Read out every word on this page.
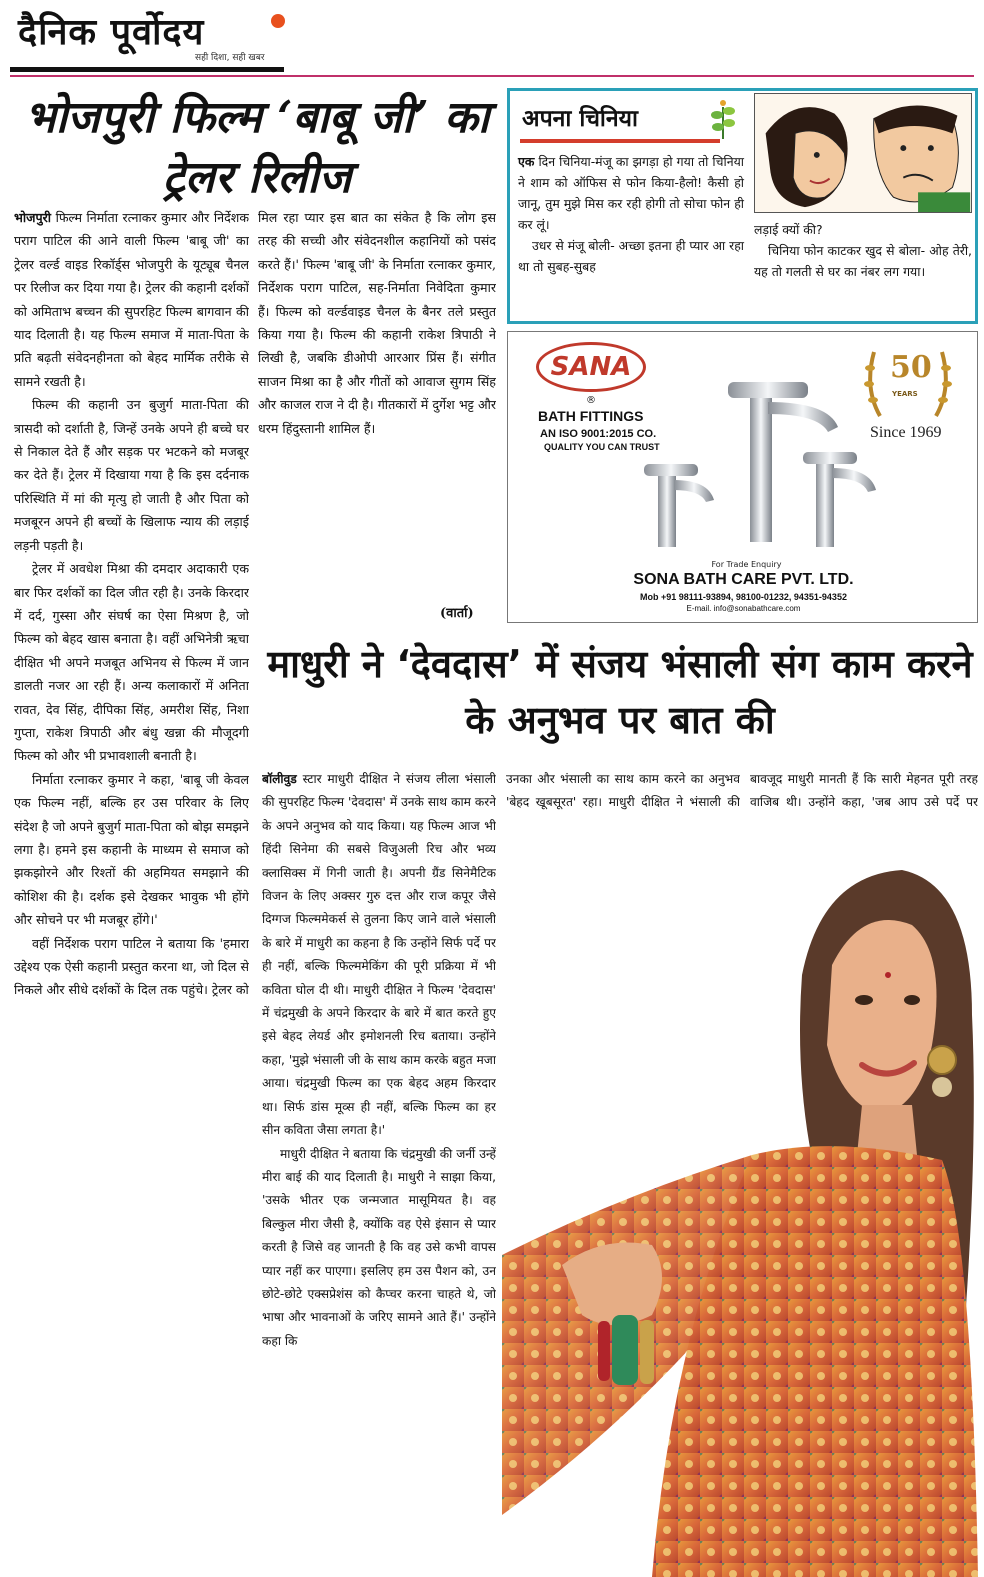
दैनिक पूर्वोदय
सही दिशा, सही खबर
भोजपुरी फिल्म ‘बाबू जी’ का ट्रेलर रिलीज

भोजपुरी फिल्म निर्माता रत्नाकर कुमार और निर्देशक पराग पाटिल की आने वाली फिल्म 'बाबू जी' का ट्रेलर वर्ल्ड वाइड रिकॉर्ड्स भोजपुरी के यूट्यूब चैनल पर रिलीज कर दिया गया है। ट्रेलर की कहानी दर्शकों को अमिताभ बच्चन की सुपरहिट फिल्म बागवान की याद दिलाती है। यह फिल्म समाज में माता-पिता के प्रति बढ़ती संवेदनहीनता को बेहद मार्मिक तरीके से सामने रखती है।

फिल्म की कहानी उन बुजुर्ग माता-पिता की त्रासदी को दर्शाती है, जिन्हें उनके अपने ही बच्चे घर से निकाल देते हैं और सड़क पर भटकने को मजबूर कर देते हैं। ट्रेलर में दिखाया गया है कि इस दर्दनाक परिस्थिति में मां की मृत्यु हो जाती है और पिता को मजबूरन अपने ही बच्चों के खिलाफ न्याय की लड़ाई लड़नी पड़ती है।

ट्रेलर में अवधेश मिश्रा की दमदार अदाकारी एक बार फिर दर्शकों का दिल जीत रही है। उनके किरदार में दर्द, गुस्सा और संघर्ष का ऐसा मिश्रण है, जो फिल्म को बेहद खास बनाता है। वहीं अभिनेत्री ऋचा दीक्षित भी अपने मजबूत अभिनय से फिल्म में जान डालती नजर आ रही हैं। अन्य कलाकारों में अनिता रावत, देव सिंह, दीपिका सिंह, अमरीश सिंह, निशा गुप्ता, राकेश त्रिपाठी और बंधु खन्ना की मौजूदगी फिल्म को और भी प्रभावशाली बनाती है।

निर्माता रत्नाकर कुमार ने कहा, 'बाबू जी केवल एक फिल्म नहीं, बल्कि हर उस परिवार के लिए संदेश है जो अपने बुजुर्ग माता-पिता को बोझ समझने लगा है। हमने इस कहानी के माध्यम से समाज को झकझोरने और रिश्तों की अहमियत समझाने की कोशिश की है। दर्शक इसे देखकर भावुक भी होंगे और सोचने पर भी मजबूर होंगे।'

वहीं निर्देशक पराग पाटिल ने बताया कि 'हमारा उद्देश्य एक ऐसी कहानी प्रस्तुत करना था, जो दिल से निकले और सीधे दर्शकों के दिल तक पहुंचे। ट्रेलर को

मिल रहा प्यार इस बात का संकेत है कि लोग इस तरह की सच्ची और संवेदनशील कहानियों को पसंद करते हैं।' फिल्म 'बाबू जी' के निर्माता रत्नाकर कुमार, निर्देशक पराग पाटिल, सह-निर्माता निवेदिता कुमार हैं। फिल्म को वर्ल्डवाइड चैनल के बैनर तले प्रस्तुत किया गया है। फिल्म की कहानी राकेश त्रिपाठी ने लिखी है, जबकि डीओपी आरआर प्रिंस हैं। संगीत साजन मिश्रा का है और गीतों को आवाज सुगम सिंह और काजल राज ने दी है। गीतकारों में दुर्गेश भट्ट और धरम हिंदुस्तानी शामिल हैं।

(वार्ता)
अपना चिनिया

एक दिन चिनिया-मंजू का झगड़ा हो गया तो चिनिया ने शाम को ऑफिस से फोन किया-हैलो! कैसी हो जानू, तुम मुझे मिस कर रही होगी तो सोचा फोन ही कर लूं।

उधर से मंजू बोली- अच्छा इतना ही प्यार आ रहा था तो सुबह-सुबह

लड़ाई क्यों की?

चिनिया फोन काटकर खुद से बोला- ओह तेरी, यह तो गलती से घर का नंबर लग गया।

SANA
®
BATH FITTINGS
AN ISO 9001:2015 CO.
QUALITY YOU CAN TRUST
50
YEARS
Since 1969
For Trade Enquiry
SONA BATH CARE PVT. LTD.
Mob +91 98111-93894, 98100-01232, 94351-94352
E-mail. info@sonabathcare.com
माधुरी ने ‘देवदास’ में संजय भंसाली संग काम करने के अनुभव पर बात की

बॉलीवुड स्टार माधुरी दीक्षित ने संजय लीला भंसाली की सुपरहिट फिल्म 'देवदास' में उनके साथ काम करने के अपने अनुभव को याद किया। यह फिल्म आज भी हिंदी सिनेमा की सबसे विजुअली रिच और भव्य क्लासिक्स में गिनी जाती है। अपनी ग्रैंड सिनेमैटिक विजन के लिए अक्सर गुरु दत्त और राज कपूर जैसे दिग्गज फिल्ममेकर्स से तुलना किए जाने वाले भंसाली के बारे में माधुरी का कहना है कि उन्होंने सिर्फ पर्दे पर ही नहीं, बल्कि फिल्ममेकिंग की पूरी प्रक्रिया में भी कविता घोल दी थी। माधुरी दीक्षित ने फिल्म 'देवदास' में चंद्रमुखी के अपने किरदार के बारे में बात करते हुए इसे बेहद लेयर्ड और इमोशनली रिच बताया। उन्होंने कहा, 'मुझे भंसाली जी के साथ काम करके बहुत मजा आया। चंद्रमुखी फिल्म का एक बेहद अहम किरदार था। सिर्फ डांस मूव्स ही नहीं, बल्कि फिल्म का हर सीन कविता जैसा लगता है।'

माधुरी दीक्षित ने बताया कि चंद्रमुखी की जर्नी उन्हें मीरा बाई की याद दिलाती है। माधुरी ने साझा किया, 'उसके भीतर एक जन्मजात मासूमियत है। वह बिल्कुल मीरा जैसी है, क्योंकि वह ऐसे इंसान से प्यार करती है जिसे वह जानती है कि वह उसे कभी वापस प्यार नहीं कर पाएगा। इसलिए हम उस पैशन को, उन छोटे-छोटे एक्सप्रेशंस को कैप्चर करना चाहते थे, जो भाषा और भावनाओं के जरिए सामने आते हैं।' उन्होंने कहा कि

उनका और भंसाली का साथ काम करने का अनुभव 'बेहद खूबसूरत' रहा। माधुरी दीक्षित ने भंसाली की

बावजूद माधुरी मानती हैं कि सारी मेहनत पूरी तरह वाजिब थी। उन्होंने कहा, 'जब आप उसे पर्दे पर
